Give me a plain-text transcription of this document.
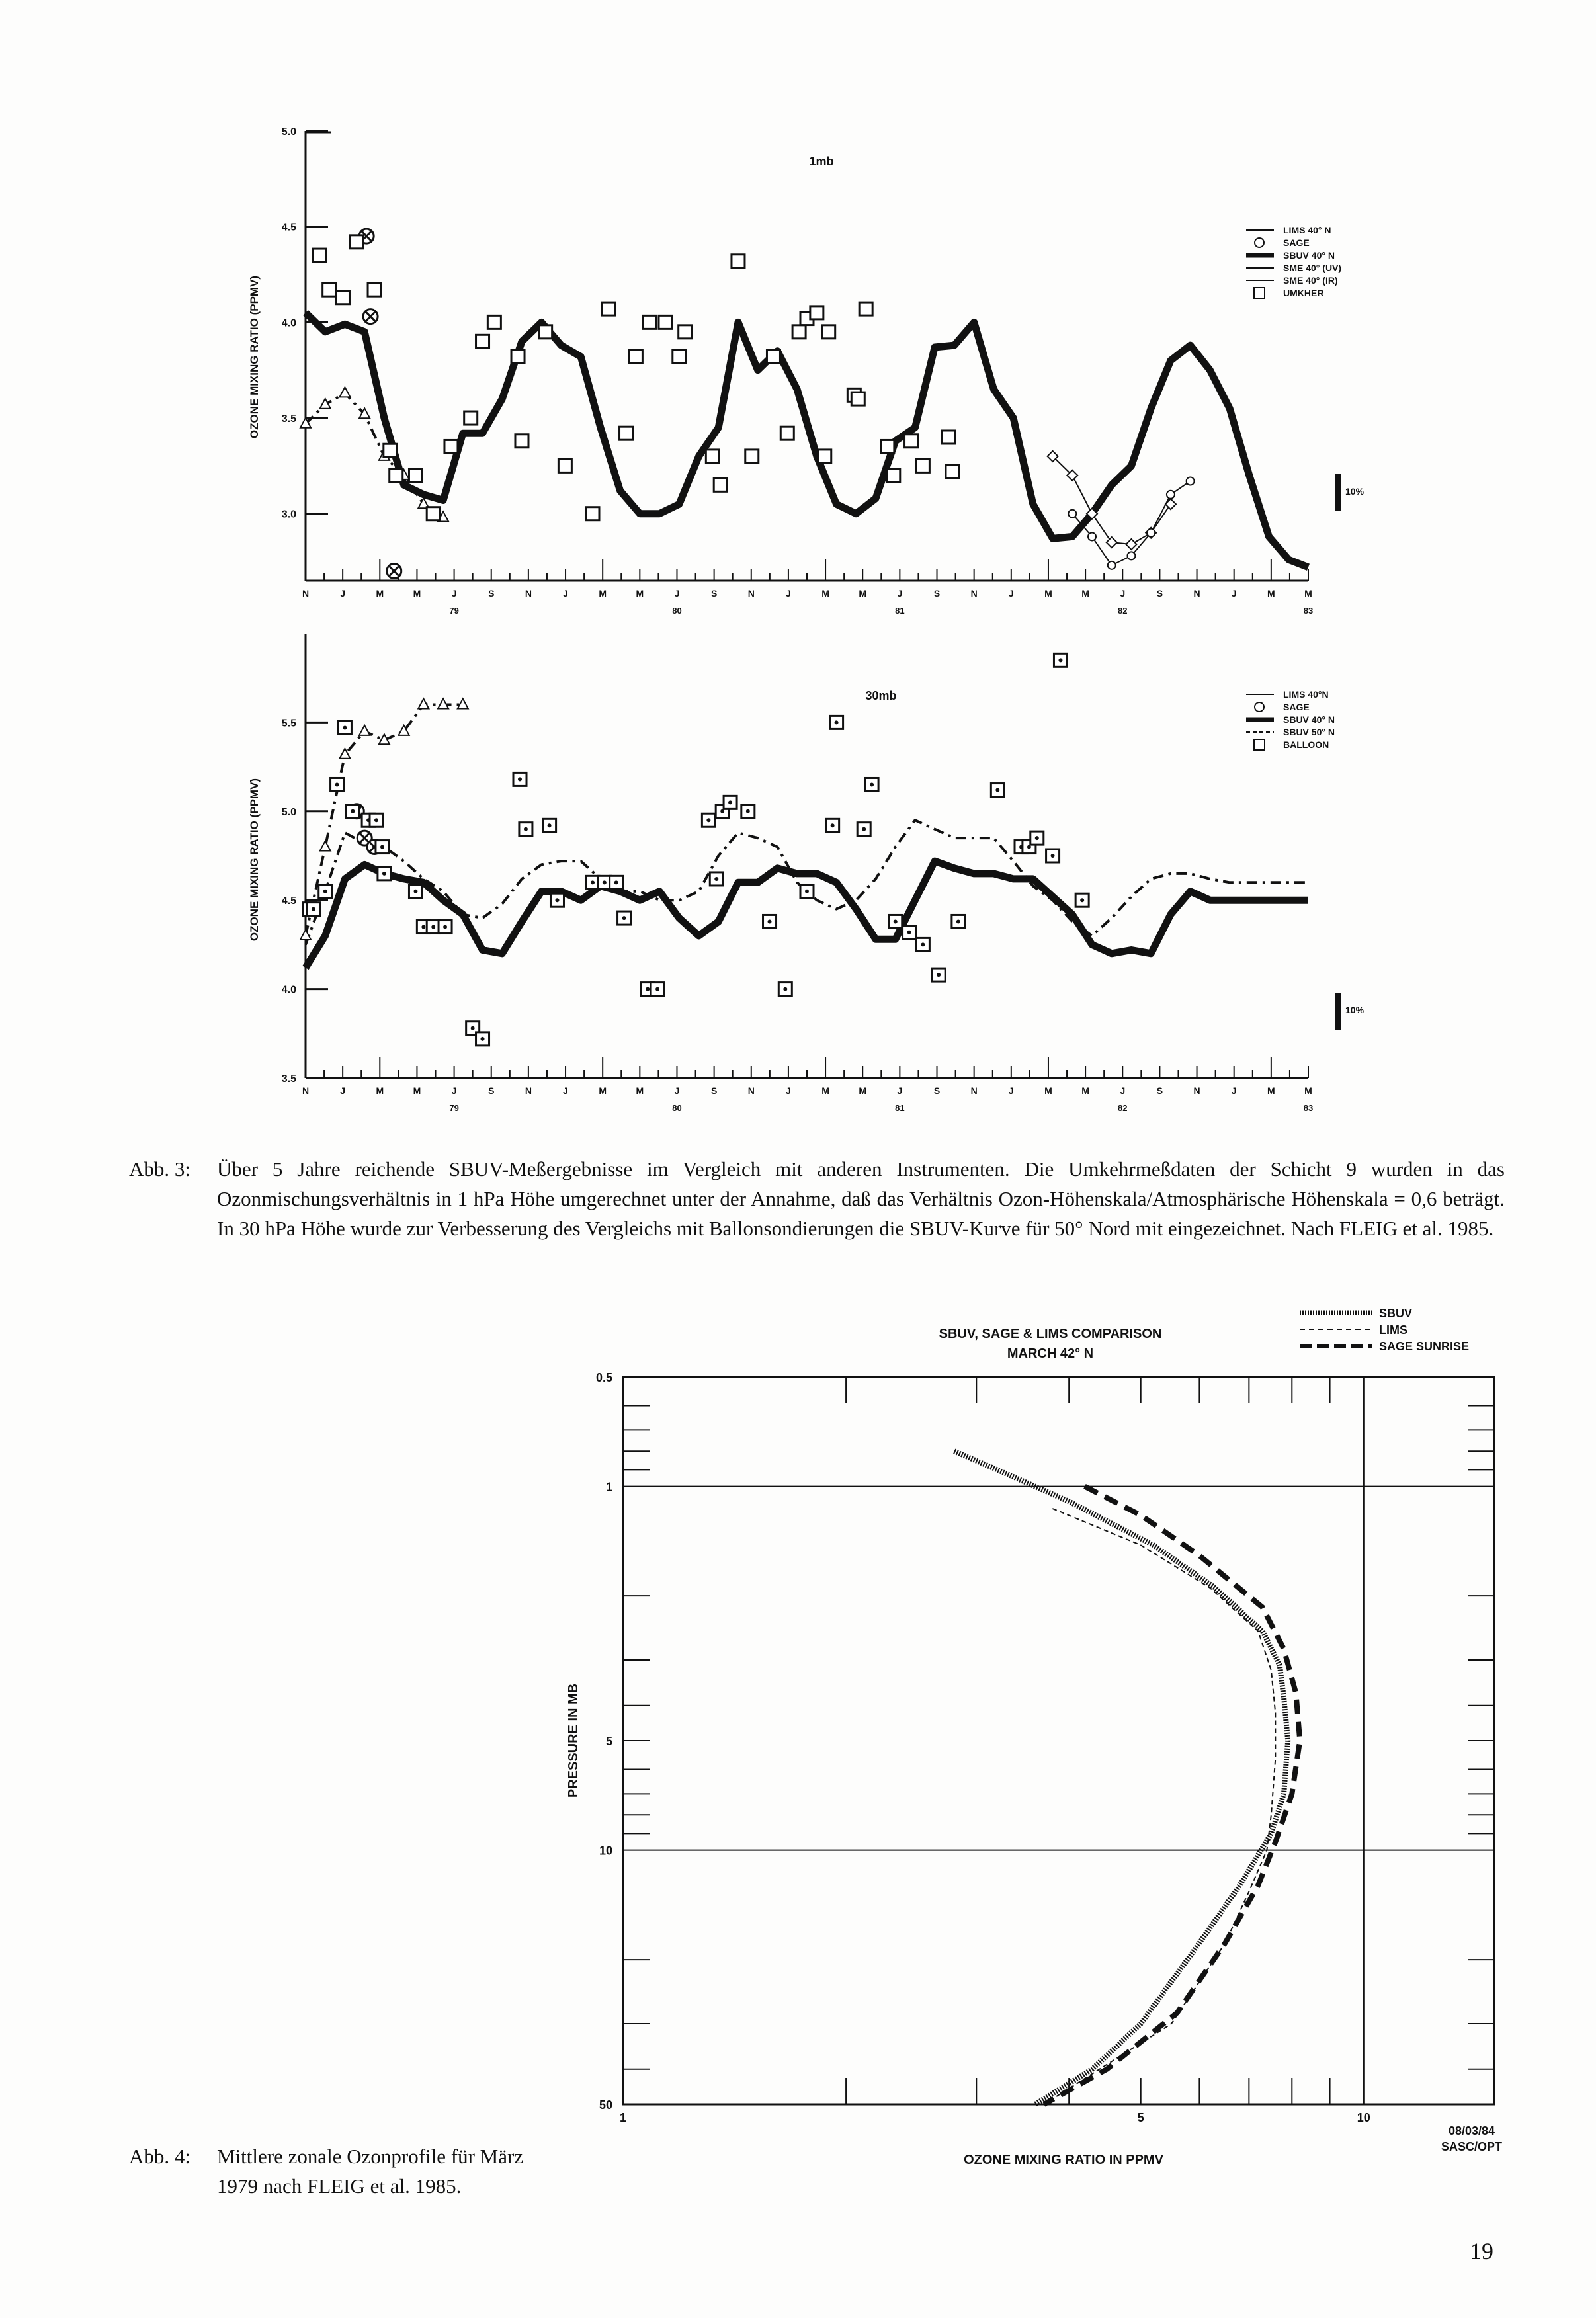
5.0
4.5
4.0
3.5
3.0
N	J	M	M	J	S	N	J	M	M	J	S	N	J	M	M	J	S	N	J	M	M	J	S	N	J	M	M
79	80	81	82	83
OZONE MIXING RATIO (PPMV)
1mb
10%
LIMS 40° N
SAGE
SBUV 40° N
SME 40° (UV)
SME 40° (IR)
UMKHER
5.5
5.0
4.5
4.0
3.5
N	J	M	M	J	S	N	J	M	M	J	S	N	J	M	M	J	S	N	J	M	M	J	S	N	J	M	M
79	80	81	82	83
OZONE MIXING RATIO (PPMV)
30mb
10%
LIMS 40°N
SAGE
SBUV 40° N
SBUV 50° N
BALLOON
0.5
1
5
10
50
1	5	10
SBUV, SAGE & LIMS COMPARISON
MARCH 42° N
OZONE MIXING RATIO IN PPMV
PRESSURE IN MB
08/03/84
SASC/OPT
SBUV
LIMS
SAGE SUNRISE
Abb. 3: Über 5 Jahre reichende SBUV-Meßergebnisse im Vergleich mit anderen Instrumenten. Die Umkehrmeßdaten der Schicht 9 wurden in das Ozonmischungsverhältnis in 1 hPa Höhe umgerechnet unter der Annahme, daß das Verhältnis Ozon-Höhenskala/Atmosphärische Höhenskala = 0,6 beträgt. In 30 hPa Höhe wurde zur Verbesserung des Vergleichs mit Ballonsondierungen die SBUV-Kurve für 50° Nord mit eingezeichnet. Nach FLEIG et al. 1985.
Abb. 4: Mittlere zonale Ozonprofile für März 1979 nach FLEIG et al. 1985.
19
